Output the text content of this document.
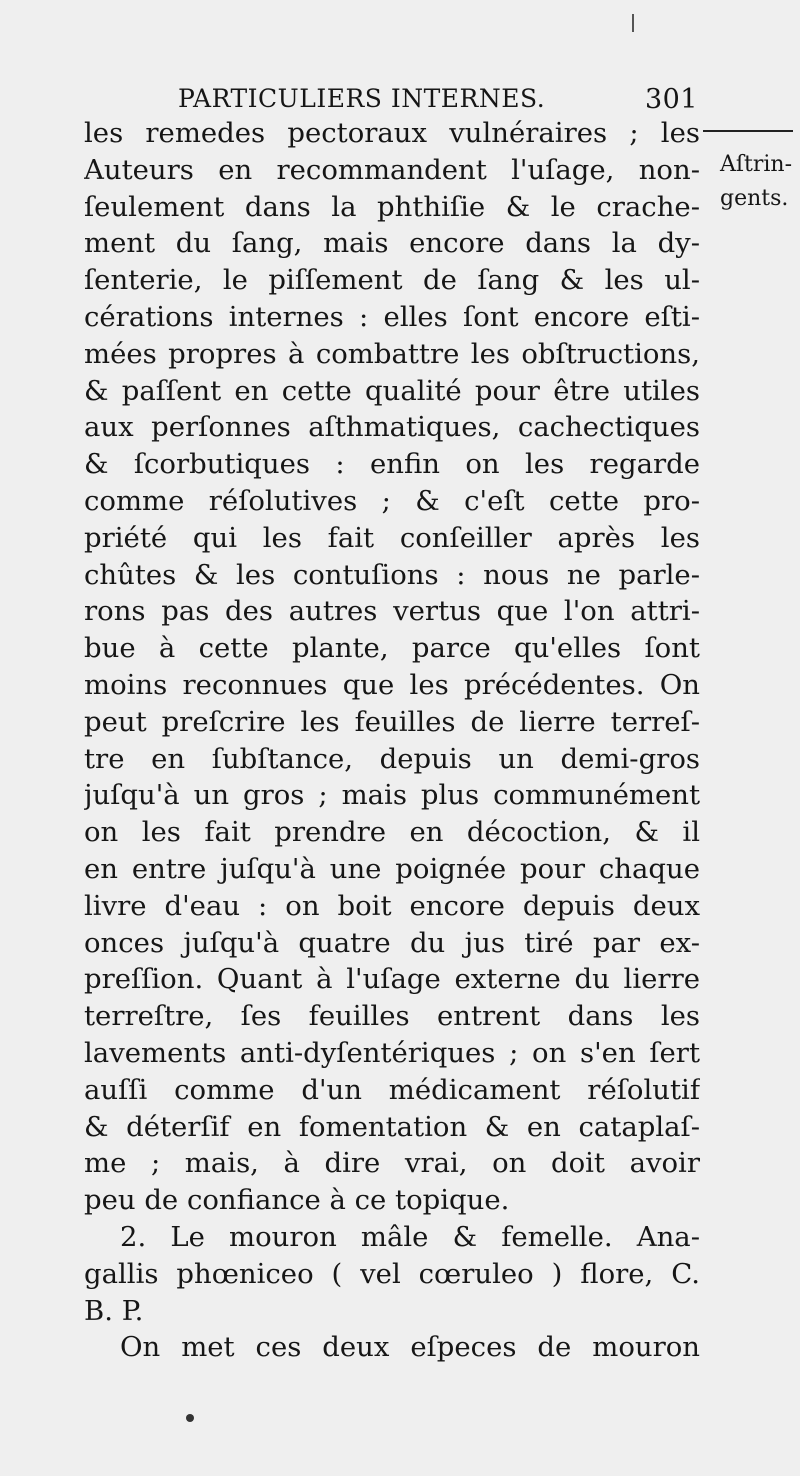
PARTICULIERS INTERNES.	301
Aſtrin-
gents.
les remedes pectoraux vulnéraires ; les
Auteurs en recommandent l'uſage, non-
ſeulement dans la phthiſie & le crache-
ment du ſang, mais encore dans la dy-
ſenterie, le piſſement de ſang & les ul-
cérations internes : elles ſont encore eſti-
mées propres à combattre les obſtructions,
& paſſent en cette qualité pour être utiles
aux perſonnes aſthmatiques, cachectiques
& ſcorbutiques : enfin on les regarde
comme réſolutives ; & c'eſt cette pro-
priété qui les fait conſeiller après les
chûtes & les contuſions : nous ne parle-
rons pas des autres vertus que l'on attri-
bue à cette plante, parce qu'elles ſont
moins reconnues que les précédentes. On
peut preſcrire les feuilles de lierre terreſ-
tre en ſubſtance, depuis un demi-gros
juſqu'à un gros ; mais plus communément
on les fait prendre en décoction, & il
en entre juſqu'à une poignée pour chaque
livre d'eau : on boit encore depuis deux
onces juſqu'à quatre du jus tiré par ex-
preſſion. Quant à l'uſage externe du lierre
terreſtre, ſes feuilles entrent dans les
lavements anti-dyſentériques ; on s'en ſert
auſſi comme d'un médicament réſolutif
& déterſif en fomentation & en cataplaſ-
me ; mais, à dire vrai, on doit avoir
peu de confiance à ce topique.
2. Le mouron mâle & femelle. Ana-
gallis phœniceo ( vel cœruleo ) flore, C.
B. P.
On met ces deux eſpeces de mouron
